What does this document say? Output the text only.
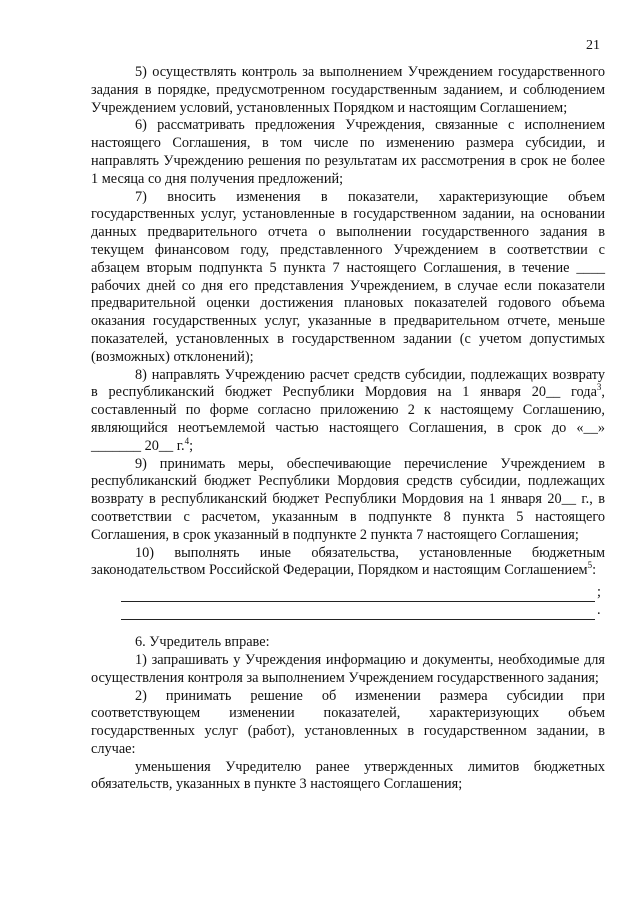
21

5) осуществлять контроль за выполнением Учреждением государственного задания в порядке, предусмотренном государственным заданием, и соблюдением Учреждением условий, установленных Порядком и настоящим Соглашением;

6) рассматривать предложения Учреждения, связанные с исполнением настоящего Соглашения, в том числе по изменению размера субсидии, и направлять Учреждению решения по результатам их рассмотрения в срок не более 1 месяца со дня получения предложений;

7) вносить изменения в показатели, характеризующие объем государственных услуг, установленные в государственном задании, на основании данных предварительного отчета о выполнении государственного задания в текущем финансовом году, представленного Учреждением в соответствии с абзацем вторым подпункта 5 пункта 7 настоящего Соглашения, в течение ____ рабочих дней со дня его представления Учреждением, в случае если показатели предварительной оценки достижения плановых показателей годового объема оказания государственных услуг, указанные в предварительном отчете, меньше показателей, установленных в государственном задании (с учетом допустимых (возможных) отклонений);

8) направлять Учреждению расчет средств субсидии, подлежащих возврату в республиканский бюджет Республики Мордовия на 1 января 20__ года$^3$, составленный по форме согласно приложению 2 к настоящему Соглашению, являющийся неотъемлемой частью настоящего Соглашения, в срок до «__» _______ 20__ г.$^4$;

9) принимать меры, обеспечивающие перечисление Учреждением в республиканский бюджет Республики Мордовия средств субсидии, подлежащих возврату в республиканский бюджет Республики Мордовия на 1 января 20__ г., в соответствии с расчетом, указанным в подпункте 8 пункта 5 настоящего Соглашения, в срок указанный в подпункте 2 пункта 7 настоящего Соглашения;

10) выполнять иные обязательства, установленные бюджетным законодательством Российской Федерации, Порядком и настоящим Соглашением$^5$:

;
.

6. Учредитель вправе:

1) запрашивать у Учреждения информацию и документы, необходимые для осуществления контроля за выполнением Учреждением государственного задания;

2) принимать решение об изменении размера субсидии при соответствующем изменении показателей, характеризующих объем государственных услуг (работ), установленных в государственном задании, в случае:

уменьшения Учредителю ранее утвержденных лимитов бюджетных обязательств, указанных в пункте 3 настоящего Соглашения;
